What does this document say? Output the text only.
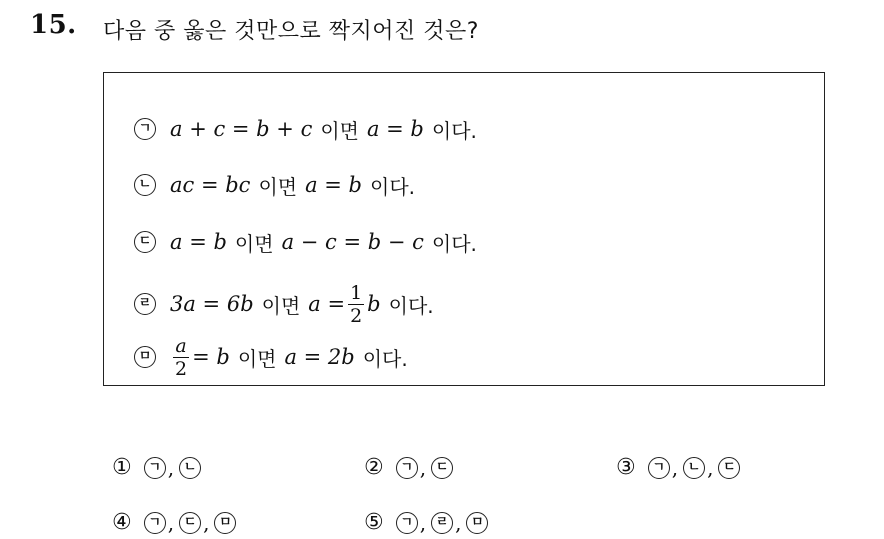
15. 다음 중 옳은 것만으로 짝지어진 것은?
ㄱ a + c = b + c 이면 a = b 이다.
ㄴ ac = bc 이면 a = b 이다.
ㄷ a = b 이면 a − c = b − c 이다.
ㄹ 3a = 6b 이면 $a = \frac{1}{2}$ b 이다.
ㅁ $\frac{a}{2} = b$ 이면 a = 2b 이다.
①	ㄱ , ㄴ	②	ㄱ , ㄷ	③	ㄱ , ㄴ , ㄷ
④	ㄱ , ㄷ , ㅁ	⑤	ㄱ , ㄹ , ㅁ
